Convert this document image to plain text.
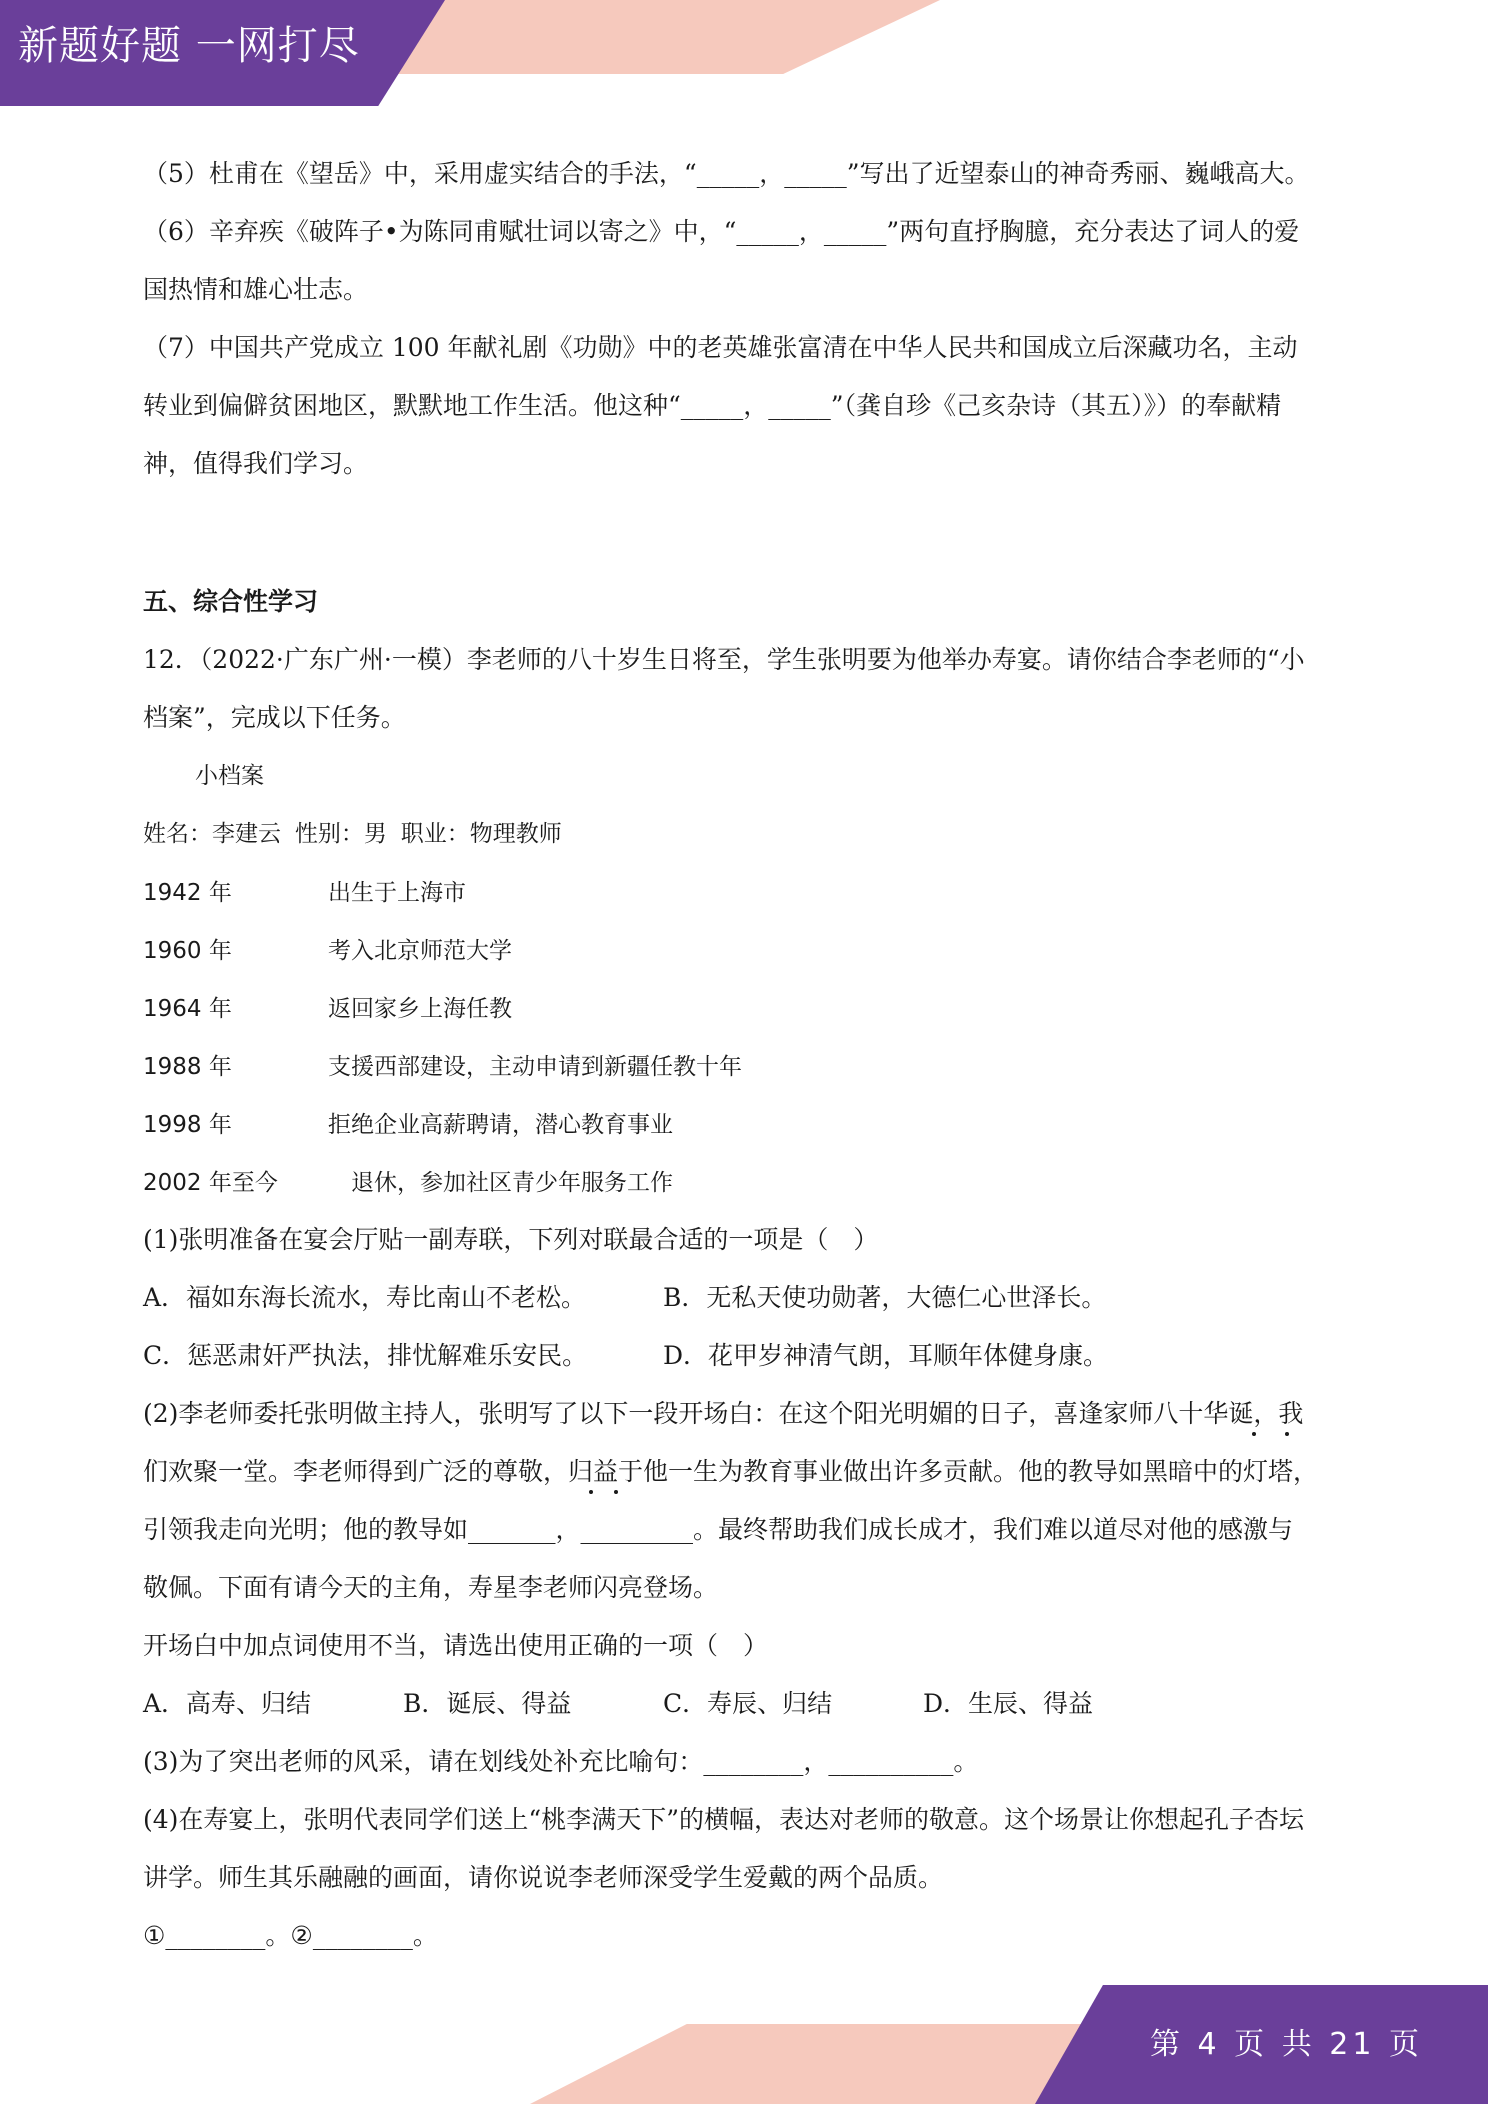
新题好题 一网打尽
（5）杜甫在《望岳》中，采用虚实结合的手法，“_____，_____”写出了近望泰山的神奇秀丽、巍峨高大。
（6）辛弃疾《破阵子•为陈同甫赋壮词以寄之》中，“_____，_____”两句直抒胸臆，充分表达了词人的爱
国热情和雄心壮志。
（7）中国共产党成立 100 年献礼剧《功勋》中的老英雄张富清在中华人民共和国成立后深藏功名，主动
转业到偏僻贫困地区，默默地工作生活。他这种“_____，_____”（龚自珍《己亥杂诗（其五）》）的奉献精
神，值得我们学习。
五、综合性学习
12．（2022·广东广州·一模）李老师的八十岁生日将至，学生张明要为他举办寿宴。请你结合李老师的“小
档案”，完成以下任务。
小档案
姓名：李建云 性别：男 职业：物理教师
1942 年	出生于上海市
1960 年	考入北京师范大学
1964 年	返回家乡上海任教
1988 年	支援西部建设，主动申请到新疆任教十年
1998 年	拒绝企业高薪聘请，潜心教育事业
2002 年至今	退休，参加社区青少年服务工作
(1)张明准备在宴会厅贴一副寿联，下列对联最合适的一项是（　）
A．福如东海长流水，寿比南山不老松。	B．无私天使功勋著，大德仁心世泽长。
C．惩恶肃奸严执法，排忧解难乐安民。	D．花甲岁神清气朗，耳顺年体健身康。
(2)李老师委托张明做主持人，张明写了以下一段开场白：在这个阳光明媚的日子，喜逢家师八十华诞，我
们欢聚一堂。李老师得到广泛的尊敬，归益于他一生为教育事业做出许多贡献。他的教导如黑暗中的灯塔，
引领我走向光明；他的教导如_______，_________。最终帮助我们成长成才，我们难以道尽对他的感激与
敬佩。下面有请今天的主角，寿星李老师闪亮登场。
开场白中加点词使用不当，请选出使用正确的一项（　）
A．高寿、归结	B．诞辰、得益	C．寿辰、归结	D．生辰、得益
(3)为了突出老师的风采，请在划线处补充比喻句：________，__________。
(4)在寿宴上，张明代表同学们送上“桃李满天下”的横幅，表达对老师的敬意。这个场景让你想起孔子杏坛
讲学。师生其乐融融的画面，请你说说李老师深受学生爱戴的两个品质。
①________。②________。
第 4 页 共 21 页
